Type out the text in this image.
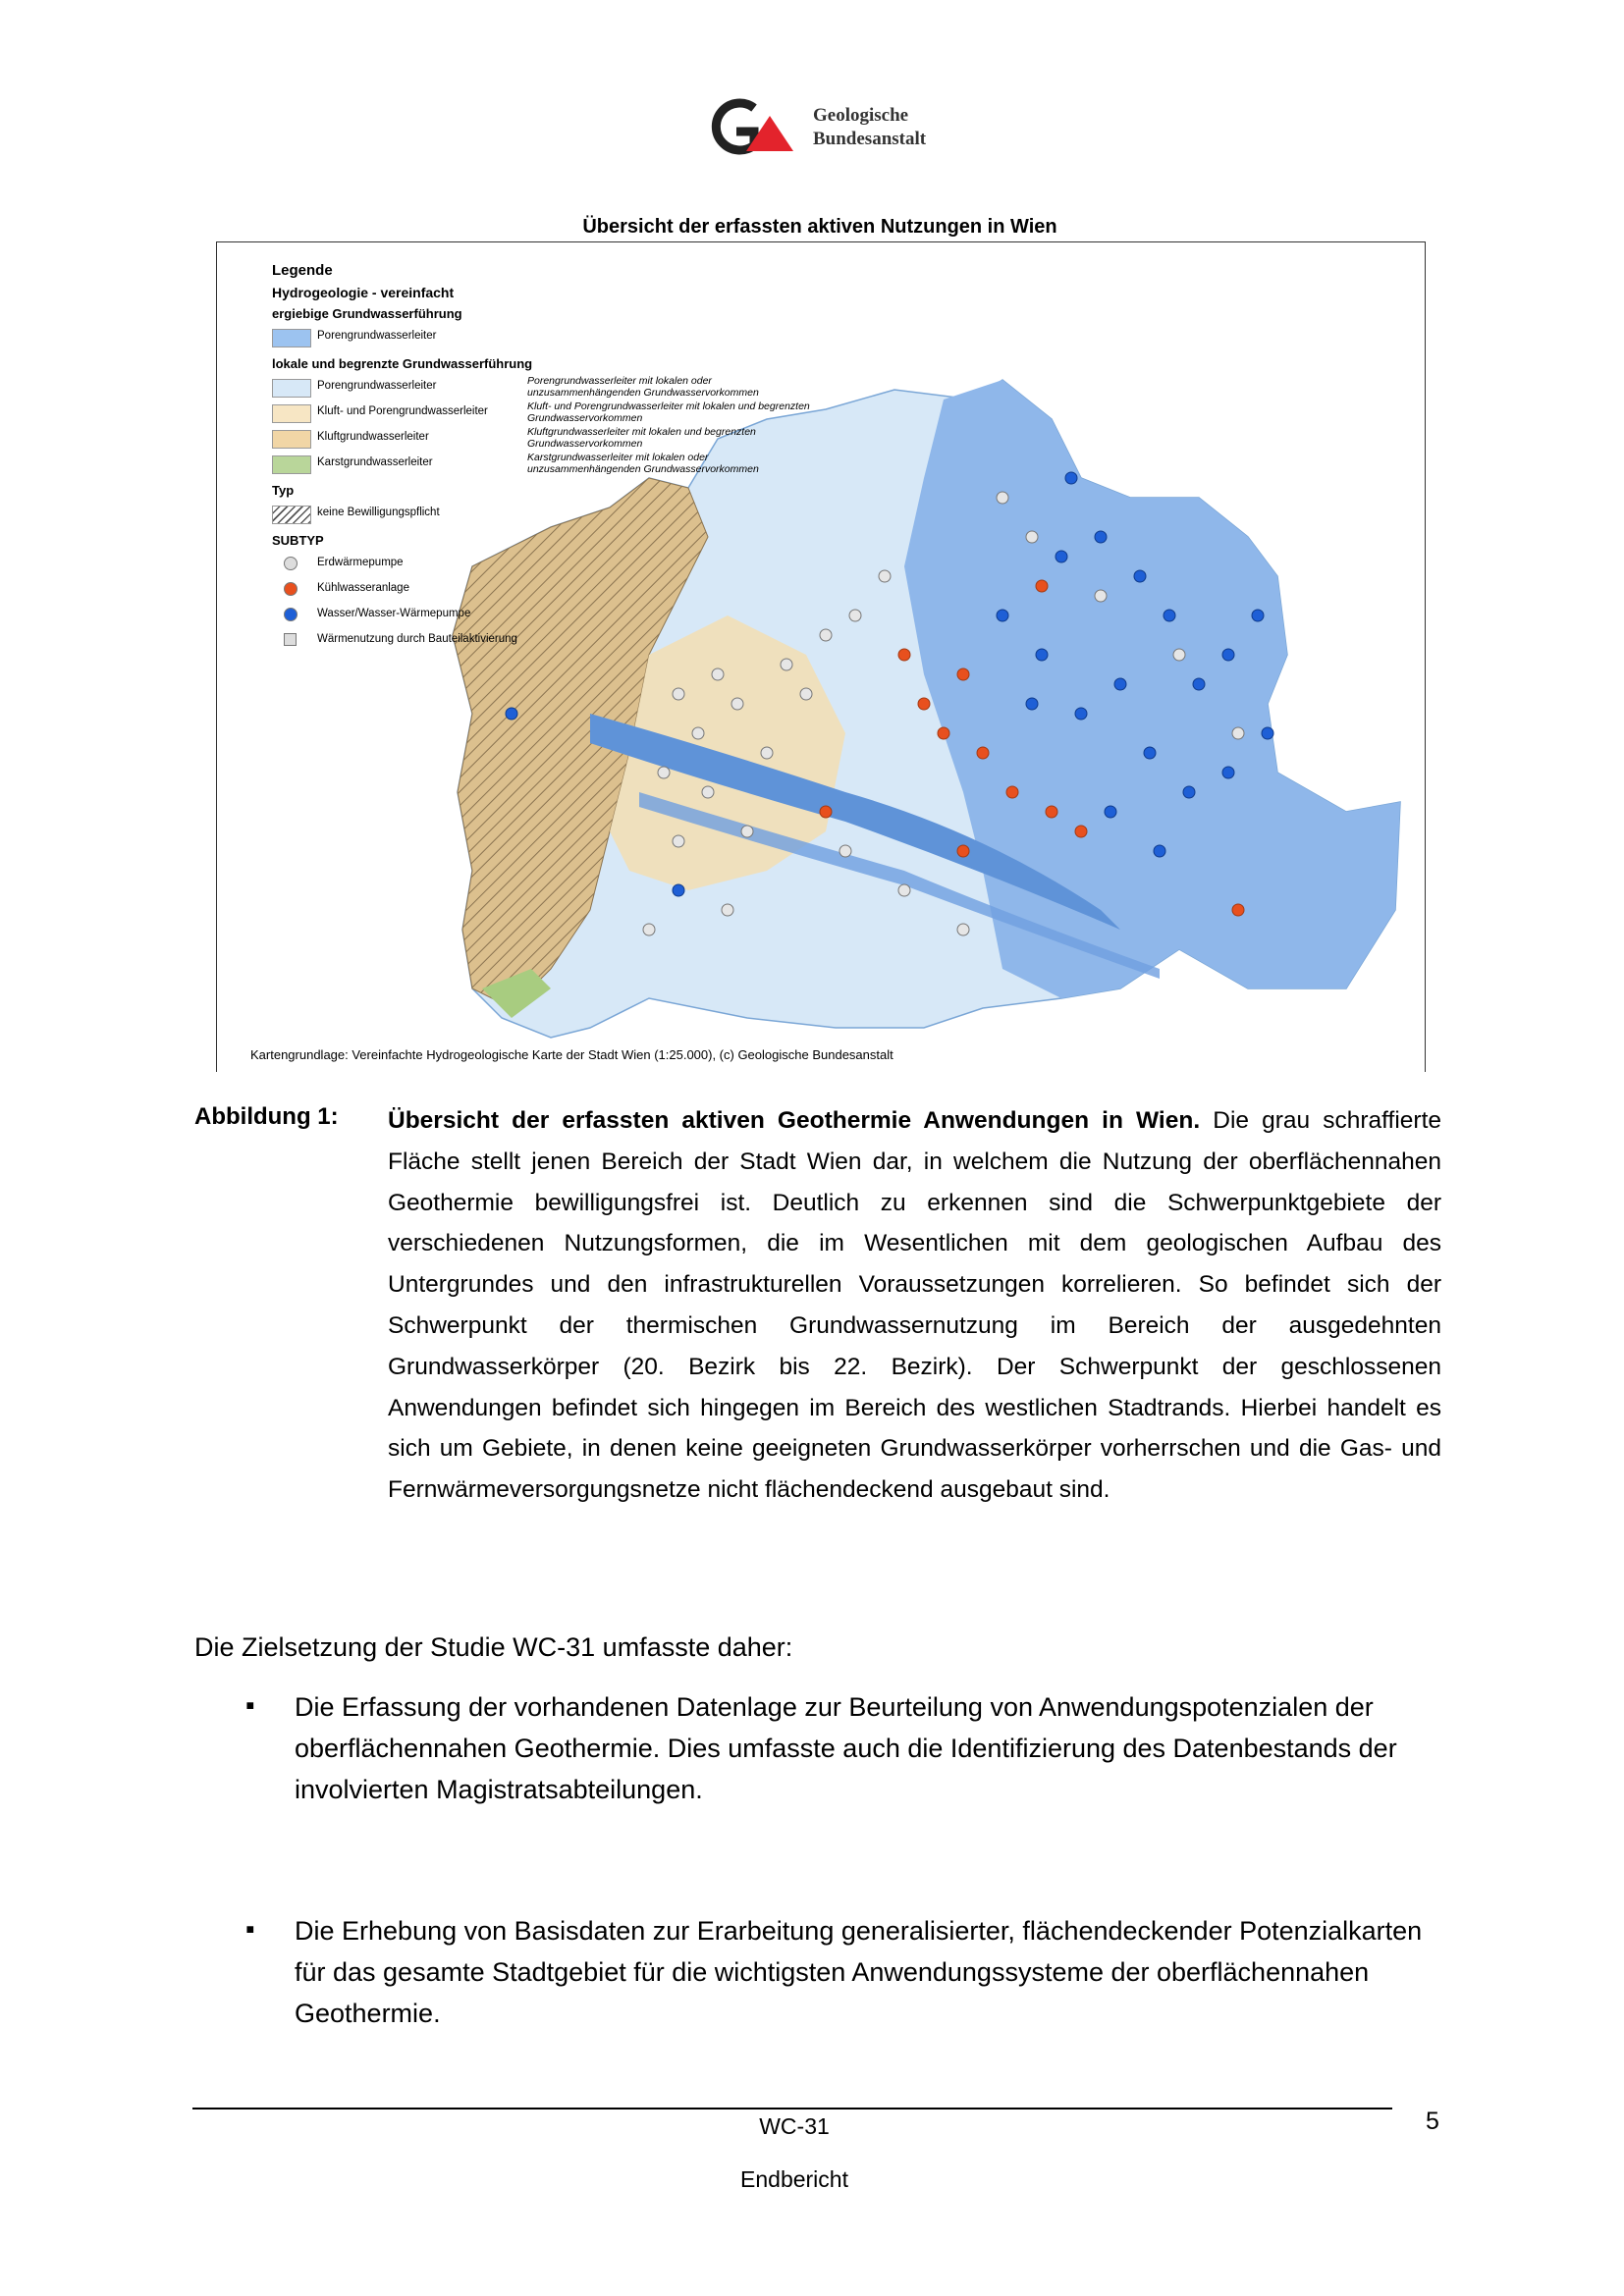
Geologische
Bundesanstalt
Übersicht der erfassten aktiven Nutzungen in Wien
Legende
Hydrogeologie - vereinfacht
ergiebige Grundwasserführung
Porengrundwasserleiter
lokale und begrenzte Grundwasserführung
Porengrundwasserleiter	Porengrundwasserleiter mit lokalen oder unzusammenhängenden Grundwasservorkommen
Kluft- und Porengrundwasserleiter	Kluft- und Porengrundwasserleiter mit lokalen und begrenzten Grundwasservorkommen
Kluftgrundwasserleiter	Kluftgrundwasserleiter mit lokalen und begrenzten Grundwasservorkommen
Karstgrundwasserleiter	Karstgrundwasserleiter mit lokalen oder unzusammenhängenden Grundwasservorkommen
Typ
keine Bewilligungspflicht
SUBTYP
Erdwärmepumpe
Kühlwasseranlage
Wasser/Wasser-Wärmepumpe
Wärmenutzung durch Bauteilaktivierung
Kartengrundlage: Vereinfachte Hydrogeologische Karte der Stadt Wien (1:25.000), (c) Geologische Bundesanstalt
Abbildung 1: Übersicht der erfassten aktiven Geothermie Anwendungen in Wien. Die grau schraffierte Fläche stellt jenen Bereich der Stadt Wien dar, in welchem die Nutzung der oberflächennahen Geothermie bewilligungsfrei ist. Deutlich zu erkennen sind die Schwerpunktgebiete der verschiedenen Nutzungsformen, die im Wesentlichen mit dem geologischen Aufbau des Untergrundes und den infrastrukturellen Voraussetzungen korrelieren. So befindet sich der Schwerpunkt der thermischen Grundwassernutzung im Bereich der ausgedehnten Grundwasserkörper (20. Bezirk bis 22. Bezirk). Der Schwerpunkt der geschlossenen Anwendungen befindet sich hingegen im Bereich des westlichen Stadtrands. Hierbei handelt es sich um Gebiete, in denen keine geeigneten Grundwasserkörper vorherrschen und die Gas- und Fernwärmeversorgungsnetze nicht flächendeckend ausgebaut sind.
Die Zielsetzung der Studie WC-31 umfasste daher:
▪ Die Erfassung der vorhandenen Datenlage zur Beurteilung von Anwendungspotenzialen der oberflächennahen Geothermie. Dies umfasste auch die Identifizierung des Datenbestands der involvierten Magistratsabteilungen.
▪ Die Erhebung von Basisdaten zur Erarbeitung generalisierter, flächendeckender Potenzialkarten für das gesamte Stadtgebiet für die wichtigsten Anwendungssysteme der oberflächennahen Geothermie.
WC-31	5
Endbericht
